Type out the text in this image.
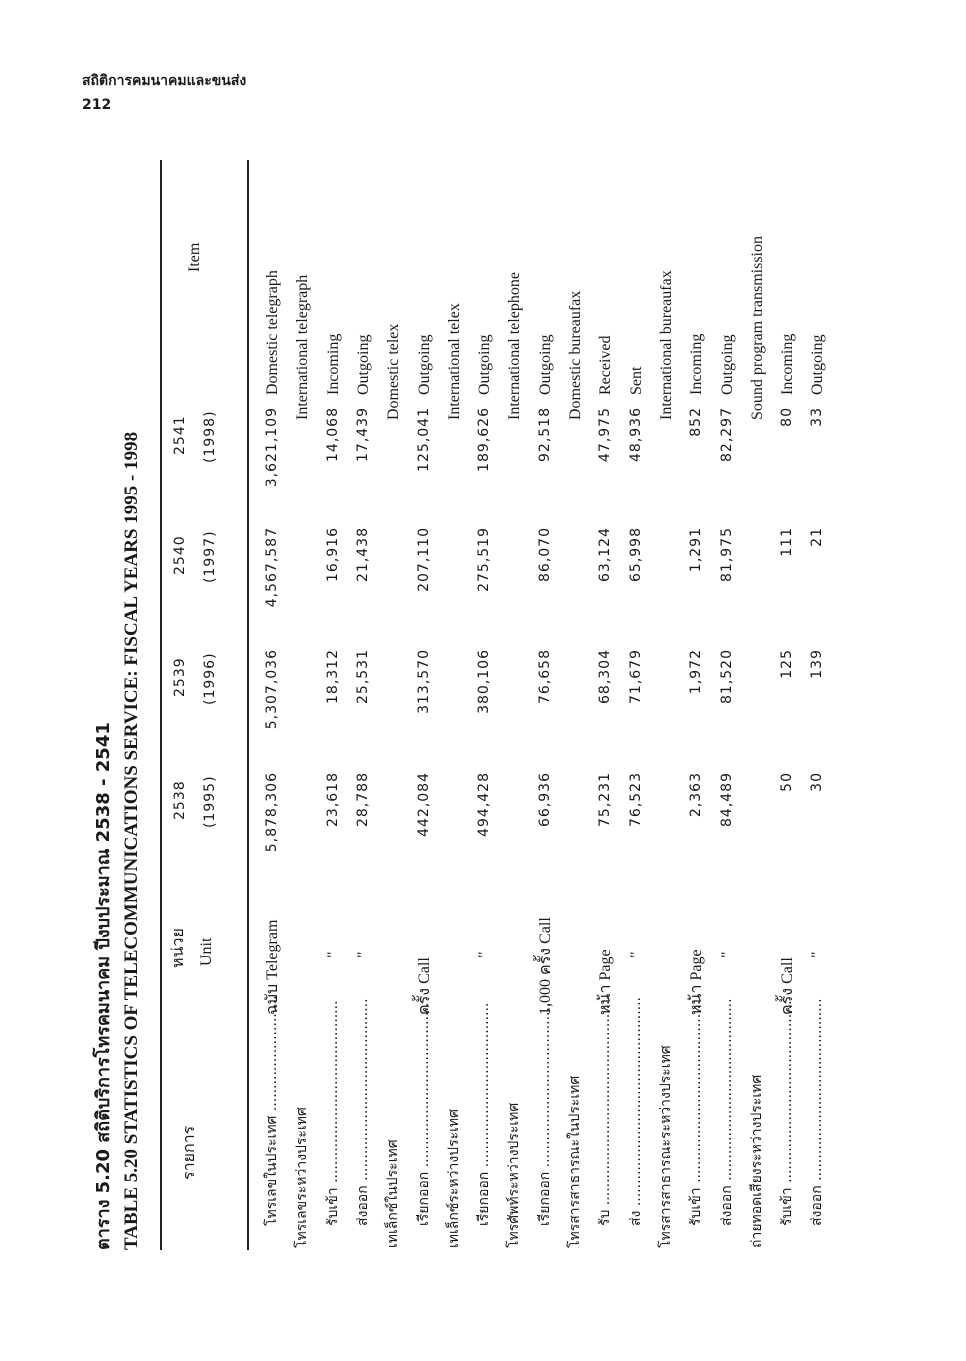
สถิติการคมนาคมและขนส่ง
212
ตาราง 5.20 สถิติบริการโทรคมนาคม ปีงบประมาณ 2538 - 2541 TABLE 5.20 STATISTICS OF TELECOMMUNICATIONS SERVICE: FISCAL YEARS 1995 - 1998 รายการ
หน่วย Unit
Item
2538 (1995)
2539 (1996)
2540 (1997)
2541 (1998)
โทรเลขในประเทศ ..........................
ฉบับ Telegram
5,878,306
5,307,036
4,567,587
3,621,109
Domestic telegraph
โทรเลขระหว่างประเทศ
International telegraph
รับเข้า .........................................
"
23,618
18,312
16,916
14,068
Incoming
ส่งออก .........................................
"
28,788
25,531
21,438
17,439
Outgoing
เทเล็กซ์ในประเทศ
Domestic telex
เรียกออก .....................................
ครั้ง Call
442,084
313,570
207,110
125,041
Outgoing
เทเล็กซ์ระหว่างประเทศ
International telex
เรียกออก .....................................
"
494,428
380,106
275,519
189,626
Outgoing
โทรศัพท์ระหว่างประเทศ
International telephone
เรียกออก .....................................
1,000 ครั้ง Call
66,936
76,658
86,070
92,518
Outgoing
โทรสารสาธารณะในประเทศ
Domestic bureaufax
รับ ...............................................
หน้า Page
75,231
68,304
63,124
47,975
Received
ส่ง ...............................................
"
76,523
71,679
65,998
48,936
Sent
โทรสารสาธารณะระหว่างประเทศ
International bureaufax
รับเข้า .........................................
หน้า Page
2,363
1,972
1,291
852
Incoming
ส่งออก .........................................
"
84,489
81,520
81,975
82,297
Outgoing
ถ่ายทอดเสียงระหว่างประเทศ
Sound program transmission
รับเข้า .........................................
ครั้ง Call
50
125
111
80
Incoming
ส่งออก .........................................
"
30
139
21
33
Outgoing
